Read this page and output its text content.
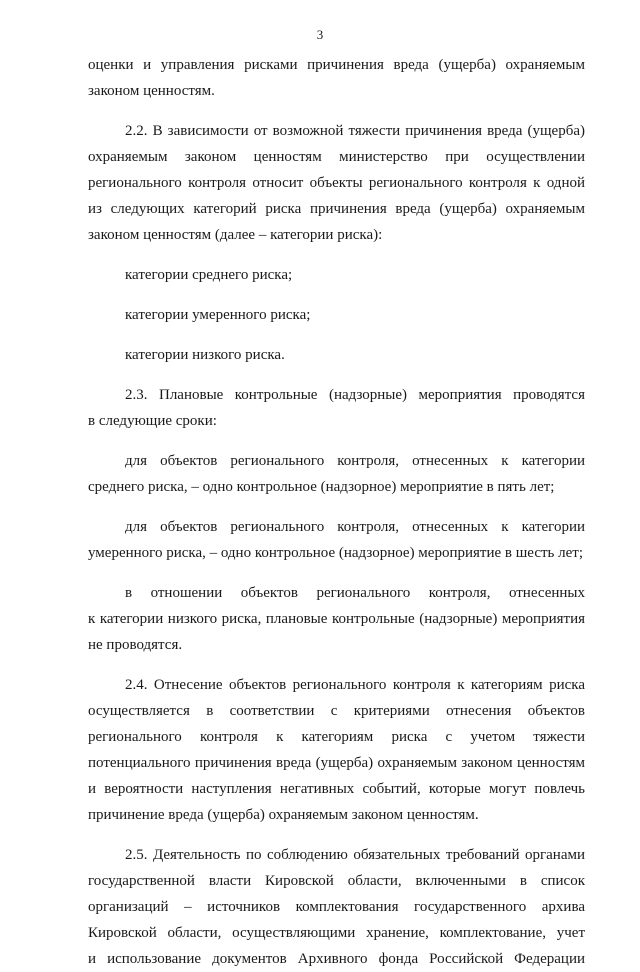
3
оценки и управления рисками причинения вреда (ущерба) охраняемым
законом ценностям.
2.2. В зависимости от возможной тяжести причинения вреда (ущерба)
охраняемым законом ценностям министерство при осуществлении
регионального контроля относит объекты регионального контроля к одной
из следующих категорий риска причинения вреда (ущерба) охраняемым
законом ценностям (далее – категории риска):
категории среднего риска;
категории умеренного риска;
категории низкого риска.
2.3. Плановые контрольные (надзорные) мероприятия проводятся
в следующие сроки:
для объектов регионального контроля, отнесенных к категории
среднего риска, – одно контрольное (надзорное) мероприятие в пять лет;
для объектов регионального контроля, отнесенных к категории
умеренного риска, – одно контрольное (надзорное) мероприятие в шесть лет;
в отношении объектов регионального контроля, отнесенных
к категории низкого риска, плановые контрольные (надзорные) мероприятия
не проводятся.
2.4. Отнесение объектов регионального контроля к категориям риска
осуществляется в соответствии с критериями отнесения объектов
регионального контроля к категориям риска с учетом тяжести
потенциального причинения вреда (ущерба) охраняемым законом ценностям
и вероятности наступления негативных событий, которые могут повлечь
причинение вреда (ущерба) охраняемым законом ценностям.
2.5. Деятельность по соблюдению обязательных требований органами
государственной власти Кировской области, включенными в список
организаций – источников комплектования государственного архива
Кировской области, осуществляющими хранение, комплектование, учет
и использование документов Архивного фонда Российской Федерации
